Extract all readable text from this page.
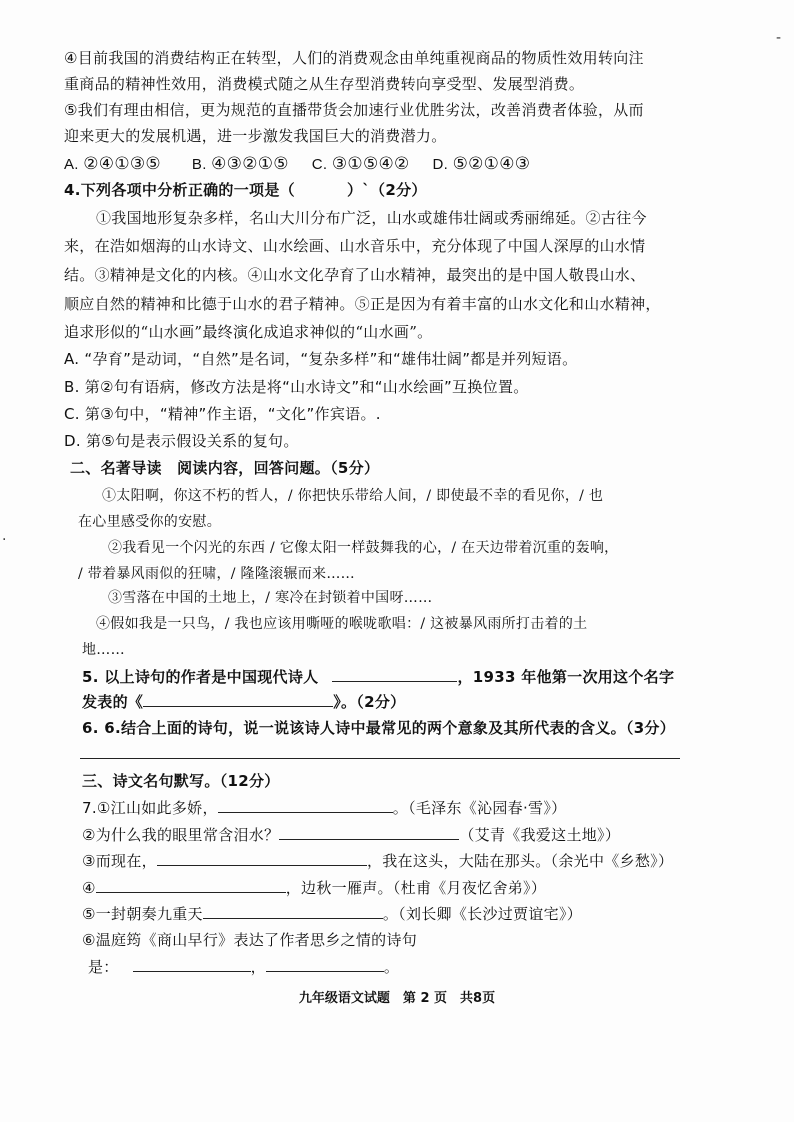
-
·
④目前我国的消费结构正在转型，人们的消费观念由单纯重视商品的物质性效用转向注
重商品的精神性效用，消费模式随之从生存型消费转向享受型、发展型消费。
⑤我们有理由相信，更为规范的直播带货会加速行业优胜劣汰，改善消费者体验，从而
迎来更大的发展机遇，进一步激发我国巨大的消费潜力。
A. ②④①③⑤ B. ④③②①⑤ C. ③①⑤④② D. ⑤②①④③
4.下列各项中分析正确的一项是（	）`（2分）
①我国地形复杂多样，名山大川分布广泛，山水或雄伟壮阔或秀丽绵延。②古往今
来，在浩如烟海的山水诗文、山水绘画、山水音乐中，充分体现了中国人深厚的山水情
结。③精神是文化的内核。④山水文化孕育了山水精神，最突出的是中国人敬畏山水、
顺应自然的精神和比德于山水的君子精神。⑤正是因为有着丰富的山水文化和山水精神，
追求形似的“山水画”最终演化成追求神似的“山水画”。
A. “孕育”是动词，“自然”是名词，“复杂多样”和“雄伟壮阔”都是并列短语。
B. 第②句有语病，修改方法是将“山水诗文”和“山水绘画”互换位置。
C. 第③句中，“精神”作主语，“文化”作宾语。.
D. 第⑤句是表示假设关系的复句。
二、名著导读　阅读内容，回答问题。（5分）
①太阳啊，你这不朽的哲人，/ 你把快乐带给人间，/ 即使最不幸的看见你，/ 也
在心里感受你的安慰。
②我看见一个闪光的东西 / 它像太阳一样鼓舞我的心，/ 在天边带着沉重的轰响，
/ 带着暴风雨似的狂啸，/ 隆隆滚辗而来……
③雪落在中国的土地上，/ 寒冷在封锁着中国呀……
④假如我是一只鸟，/ 我也应该用嘶哑的喉咙歌唱：/ 这被暴风雨所打击着的土
地……
5. 以上诗句的作者是中国现代诗人	，1933 年他第一次用这个名字
发表的《	》。（2分）
6. 6.结合上面的诗句，说一说该诗人诗中最常见的两个意象及其所代表的含义。（3分）
三、诗文名句默写。（12分）
7.①江山如此多娇，	。（毛泽东《沁园春·雪》）
②为什么我的眼里常含泪水？	（艾青《我爱这土地》）
③而现在，	，我在这头，大陆在那头。（余光中《乡愁》）
④	，边秋一雁声。（杜甫《月夜忆舍弟》）
⑤一封朝奏九重天	。（刘长卿《长沙过贾谊宅》）
⑥温庭筠《商山早行》表达了作者思乡之情的诗句
是：	，	。
九年级语文试题　第 2 页　共8页
